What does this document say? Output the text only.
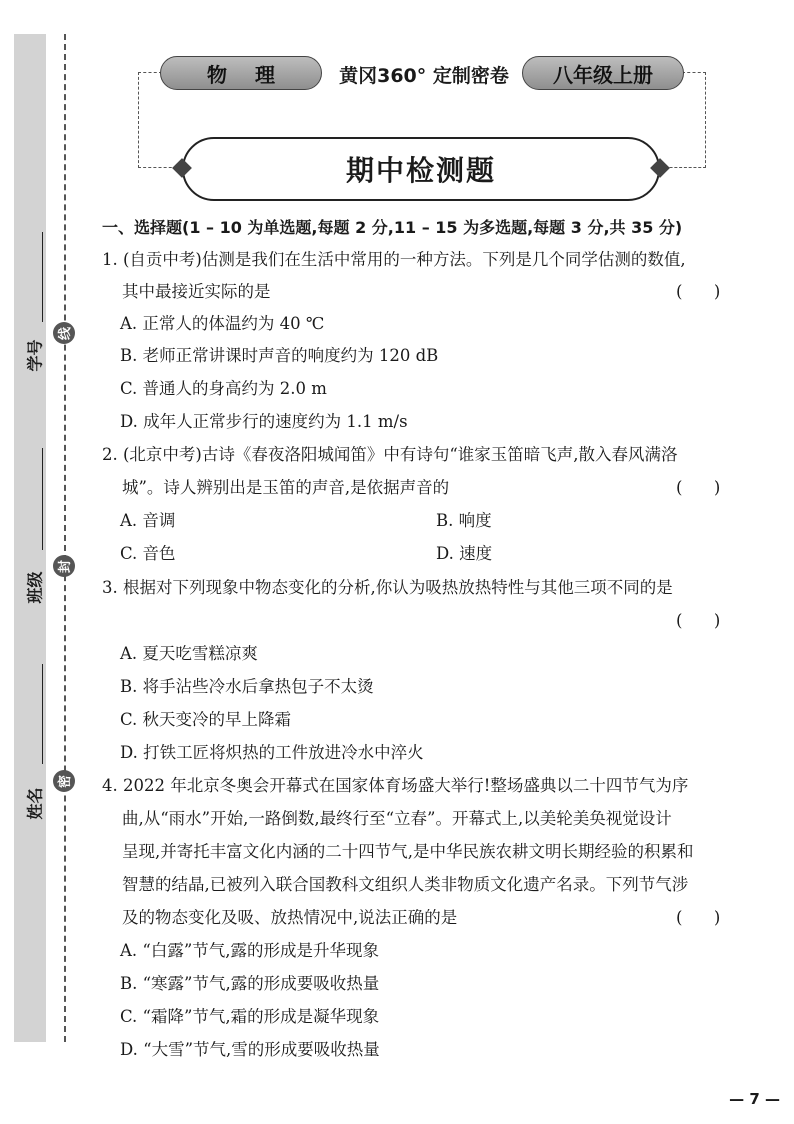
线
封
密
学号
班级
姓名
物理	黄冈360° 定制密卷	八年级上册
期中检测题
一、选择题(1 – 10 为单选题,每题 2 分,11 – 15 为多选题,每题 3 分,共 35 分)
1. (自贡中考)估测是我们在生活中常用的一种方法。下列是几个同学估测的数值,
其中最接近实际的是	(      )
A. 正常人的体温约为 40 ℃
B. 老师正常讲课时声音的响度约为 120 dB
C. 普通人的身高约为 2.0 m
D. 成年人正常步行的速度约为 1.1 m/s
2. (北京中考)古诗《春夜洛阳城闻笛》中有诗句“谁家玉笛暗飞声,散入春风满洛
城”。诗人辨别出是玉笛的声音,是依据声音的	(      )
A. 音调	B. 响度
C. 音色	D. 速度
3. 根据对下列现象中物态变化的分析,你认为吸热放热特性与其他三项不同的是
(      )
A. 夏天吃雪糕凉爽
B. 将手沾些冷水后拿热包子不太烫
C. 秋天变冷的早上降霜
D. 打铁工匠将炽热的工件放进冷水中淬火
4. 2022 年北京冬奥会开幕式在国家体育场盛大举行!整场盛典以二十四节气为序
曲,从“雨水”开始,一路倒数,最终行至“立春”。开幕式上,以美轮美奂视觉设计
呈现,并寄托丰富文化内涵的二十四节气,是中华民族农耕文明长期经验的积累和
智慧的结晶,已被列入联合国教科文组织人类非物质文化遗产名录。下列节气涉
及的物态变化及吸、放热情况中,说法正确的是	(      )
A. “白露”节气,露的形成是升华现象
B. “寒露”节气,露的形成要吸收热量
C. “霜降”节气,霜的形成是凝华现象
D. “大雪”节气,雪的形成要吸收热量
— 7 —
